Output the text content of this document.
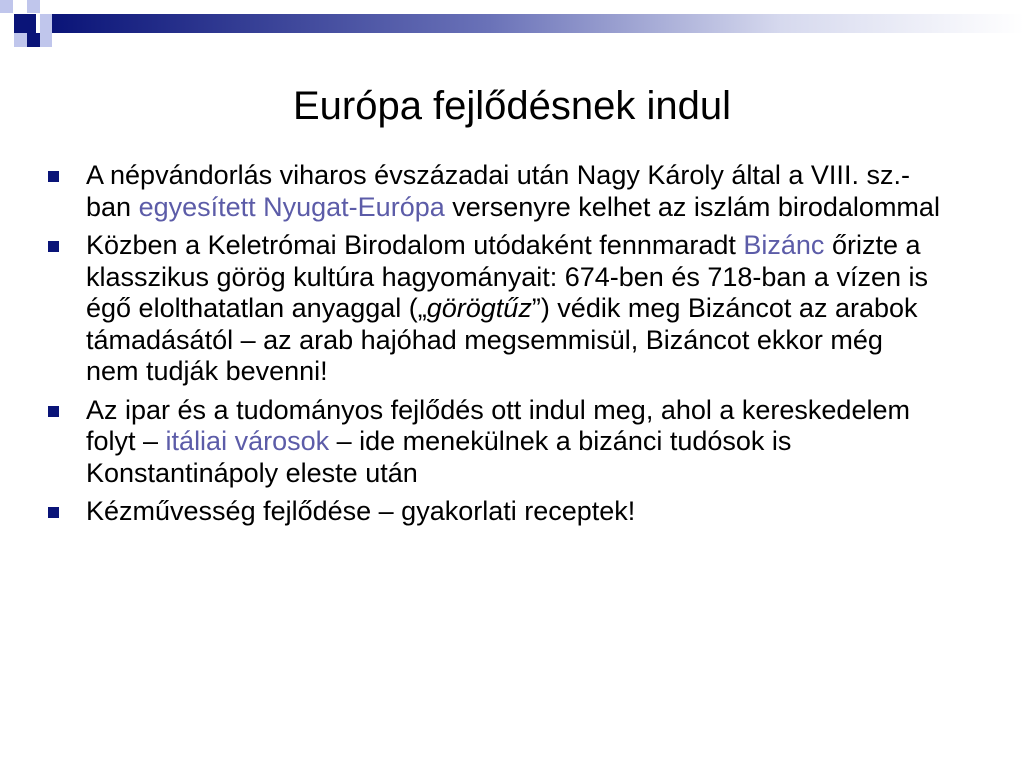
Európa fejlődésnek indul
A népvándorlás viharos évszázadai után Nagy Károly által a VIII. sz.-ban egyesített Nyugat-Európa versenyre kelhet az iszlám birodalommal
Közben a Keletrómai Birodalom utódaként fennmaradt Bizánc őrizte a klasszikus görög kultúra hagyományait: 674-ben és 718-ban a vízen is égő elolthatatlan anyaggal („görögtűz”) védik meg Bizáncot az arabok támadásától – az arab hajóhad megsemmisül, Bizáncot ekkor még nem tudják bevenni!
Az ipar és a tudományos fejlődés ott indul meg, ahol a kereskedelem folyt – itáliai városok – ide menekülnek a bizánci tudósok is Konstantinápoly eleste után
Kézművesség fejlődése – gyakorlati receptek!
